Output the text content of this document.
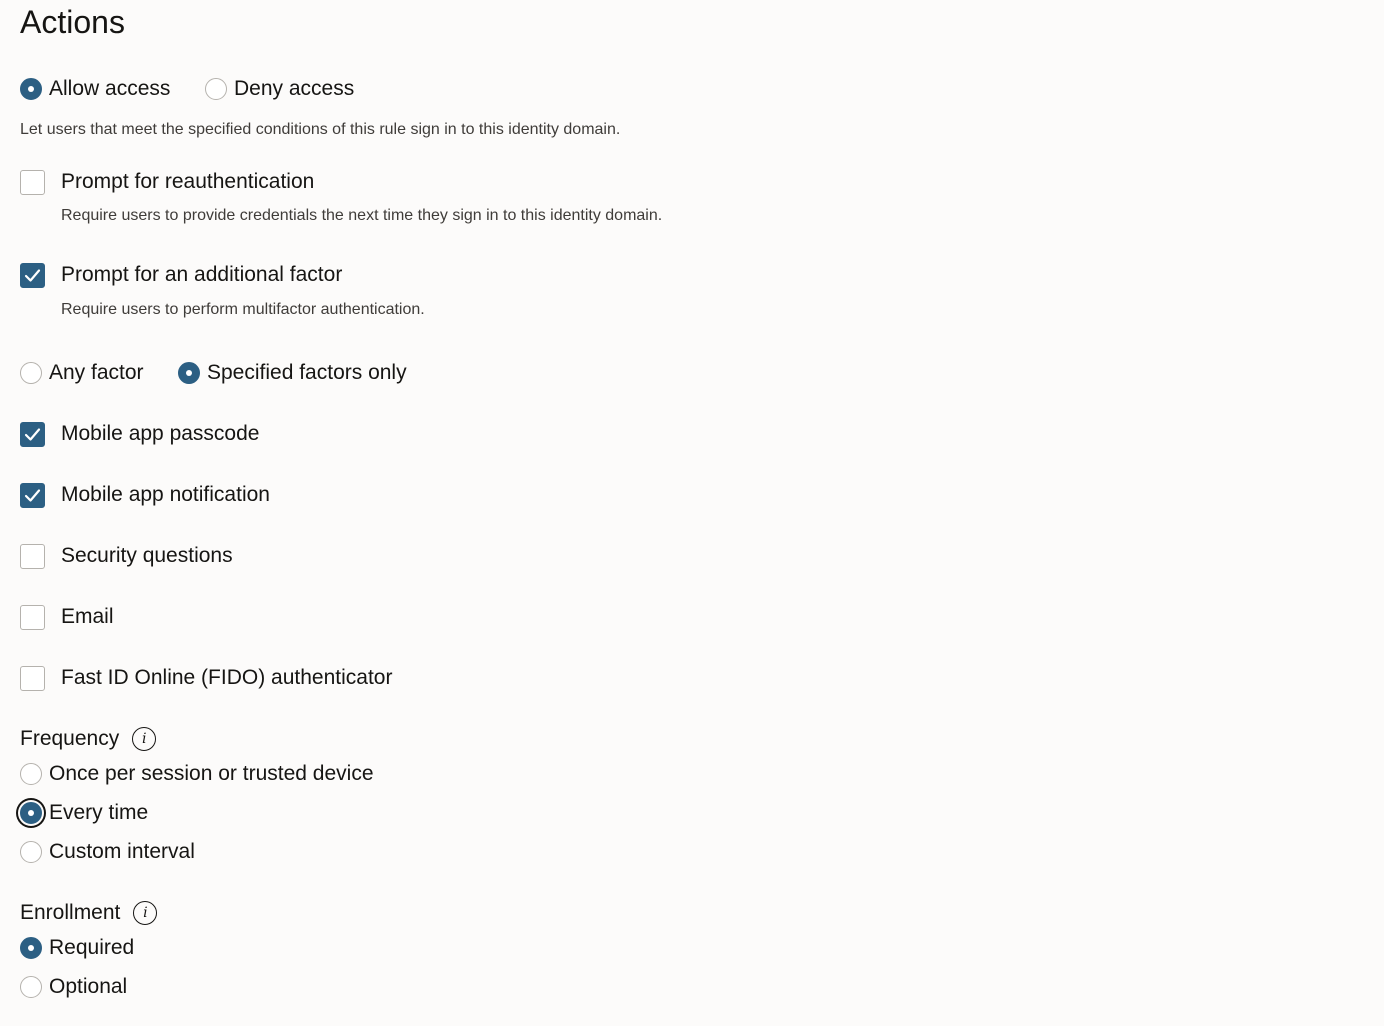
Actions
Allow access	Deny access
Let users that meet the specified conditions of this rule sign in to this identity domain.
Prompt for reauthentication
Require users to provide credentials the next time they sign in to this identity domain.
Prompt for an additional factor
Require users to perform multifactor authentication.
Any factor	Specified factors only
Mobile app passcode
Mobile app notification
Security questions
Email
Fast ID Online (FIDO) authenticator
Frequency	i
Once per session or trusted device
Every time
Custom interval
Enrollment	i
Required
Optional
